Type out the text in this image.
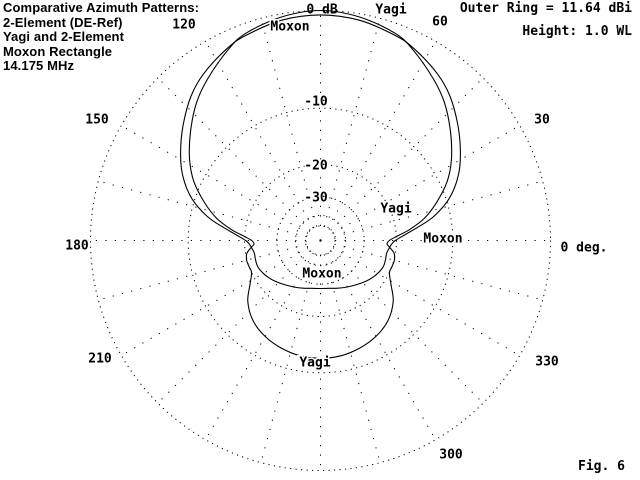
Comparative Azimuth Patterns:
2-Element (DE-Ref)
Yagi and 2-Element
Moxon Rectangle
14.175 MHz
Outer Ring = 11.64 dBi
Height: 1.0 WL
Fig. 6
120	60
150	30
180	0 deg.
210	330
300
0 dB
-10
-20
-30
Yagi
Moxon
Yagi
Moxon
Moxon
Yagi
